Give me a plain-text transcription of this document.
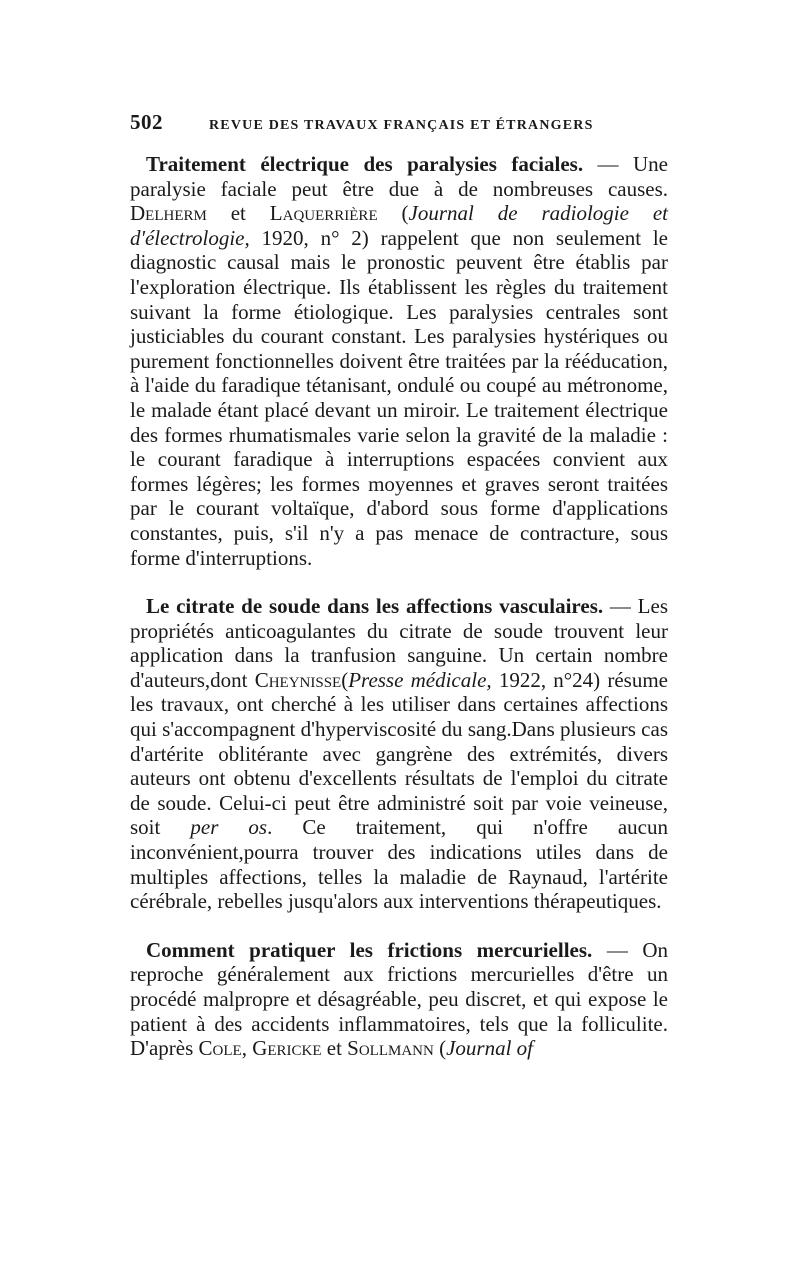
502	REVUE DES TRAVAUX FRANÇAIS ET ÉTRANGERS

Traitement électrique des paralysies faciales. — Une paralysie faciale peut être due à de nombreuses causes. Delherm et Laquerrière (Journal de radiologie et d'électrologie, 1920, n° 2) rappelent que non seulement le diagnostic causal mais le pronostic peuvent être établis par l'exploration électrique. Ils établissent les règles du traitement suivant la forme étiologique. Les paralysies centrales sont justiciables du courant constant. Les paralysies hystériques ou purement fonctionnelles doivent être traitées par la rééducation, à l'aide du faradique tétanisant, ondulé ou coupé au métronome, le malade étant placé devant un miroir. Le traitement électrique des formes rhumatismales varie selon la gravité de la maladie : le courant faradique à interruptions espacées convient aux formes légères; les formes moyennes et graves seront traitées par le courant voltaïque, d'abord sous forme d'applications constantes, puis, s'il n'y a pas menace de contracture, sous forme d'interruptions.

Le citrate de soude dans les affections vasculaires. — Les propriétés anticoagulantes du citrate de soude trouvent leur application dans la tranfusion sanguine. Un certain nombre d'auteurs,dont Cheynisse(Presse médicale, 1922, n°24) résume les travaux, ont cherché à les utiliser dans certaines affections qui s'accompagnent d'hyperviscosité du sang.Dans plusieurs cas d'artérite oblitérante avec gangrène des extrémités, divers auteurs ont obtenu d'excellents résultats de l'emploi du citrate de soude. Celui-ci peut être administré soit par voie veineuse, soit per os. Ce traitement, qui n'offre aucun inconvénient,pourra trouver des indications utiles dans de multiples affections, telles la maladie de Raynaud, l'artérite cérébrale, rebelles jusqu'alors aux interventions thérapeutiques.

Comment pratiquer les frictions mercurielles. — On reproche généralement aux frictions mercurielles d'être un procédé malpropre et désagréable, peu discret, et qui expose le patient à des accidents inflammatoires, tels que la folliculite. D'après Cole, Gericke et Sollmann (Journal of
